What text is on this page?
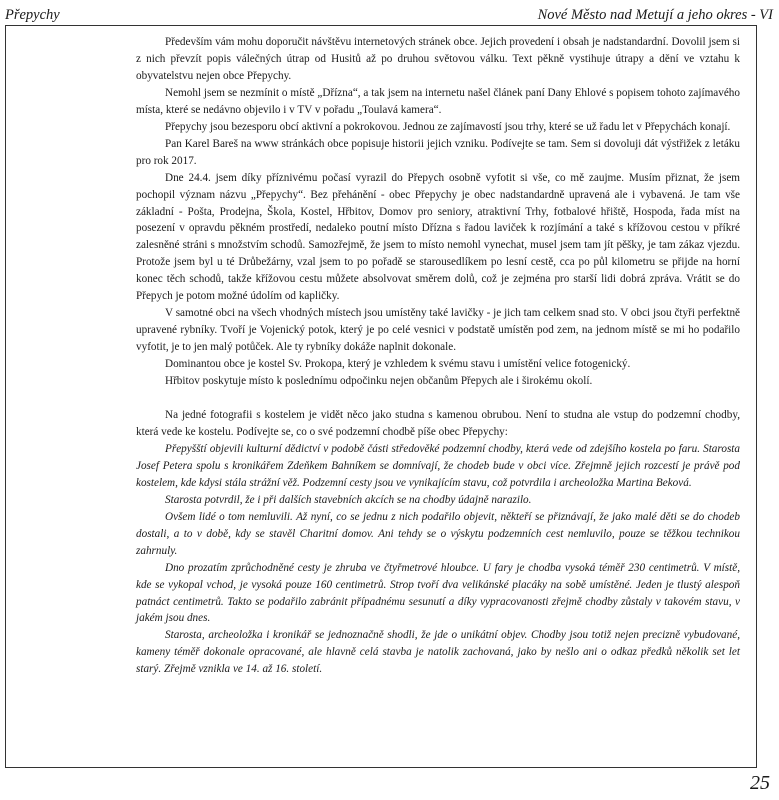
Přepychy	Nové Město nad Metují a jeho okres - VI

Především vám mohu doporučit návštěvu internetových stránek obce. Jejich provedení i obsah je nadstandardní. Dovolil jsem si z nich převzít popis válečných útrap od Husitů až po druhou světovou válku. Text pěkně vystihuje útrapy a dění ve vztahu k obyvatelstvu nejen obce Přepychy.

Nemohl jsem se nezmínit o místě „Dřízna“, a tak jsem na internetu našel článek paní Dany Ehlové s popisem tohoto zajímavého místa, které se nedávno objevilo i v TV v pořadu „Toulavá kamera“.

Přepychy jsou bezesporu obcí aktivní a pokrokovou. Jednou ze zajímavostí jsou trhy, které se už řadu let v Přepychách konají.

Pan Karel Bareš na www stránkách obce popisuje historii jejich vzniku. Podívejte se tam. Sem si dovoluji dát výstřižek z letáku pro rok 2017.

Dne 24.4. jsem díky příznivému počasí vyrazil do Přepych osobně vyfotit si vše, co mě zaujme. Musím přiznat, že jsem pochopil význam názvu „Přepychy“. Bez přehánění - obec Přepychy je obec nadstandardně upravená ale i vybavená. Je tam vše základní - Pošta, Prodejna, Škola, Kostel, Hřbitov, Domov pro seniory, atraktivní Trhy, fotbalové hřiště, Hospoda, řada míst na posezení v opravdu pěkném prostředí, nedaleko poutní místo Dřízna s řadou laviček k rozjímání a také s křížovou cestou v příkré zalesněné stráni s množstvím schodů. Samozřejmě, že jsem to místo nemohl vynechat, musel jsem tam jít pěšky, je tam zákaz vjezdu. Protože jsem byl u té Drůbežárny, vzal jsem to po pořadě se starousedlíkem po lesní cestě, cca po půl kilometru se přijde na horní konec těch schodů, takže křížovou cestu můžete absolvovat směrem dolů, což je zejména pro starší lidi dobrá zpráva. Vrátit se do Přepych je potom možné údolím od kapličky.

V samotné obci na všech vhodných místech jsou umístěny také lavičky - je jich tam celkem snad sto. V obci jsou čtyři perfektně upravené rybníky. Tvoří je Vojenický potok, který je po celé vesnici v podstatě umístěn pod zem, na jednom místě se mi ho podařilo vyfotit, je to jen malý potůček. Ale ty rybníky dokáže naplnit dokonale.

Dominantou obce je kostel Sv. Prokopa, který je vzhledem k svému stavu i umístění velice fotogenický.

Hřbitov poskytuje místo k poslednímu odpočinku nejen občanům Přepych ale i širokému okolí.

Na jedné fotografii s kostelem je vidět něco jako studna s kamenou obrubou. Není to studna ale vstup do podzemní chodby, která vede ke kostelu. Podívejte se, co o své podzemní chodbě píše obec Přepychy:

Přepyšští objevili kulturní dědictví v podobě části středověké podzemní chodby, která vede od zdejšího kostela po faru. Starosta Josef Petera spolu s kronikářem Zdeňkem Bahníkem se domnívají, že chodeb bude v obci více. Zřejmně jejich rozcestí je právě pod kostelem, kde kdysi stála strážní věž. Podzemní cesty jsou ve vynikajícím stavu, což potvrdila i archeoložka Martina Beková.

Starosta potvrdil, že i při dalších stavebních akcích se na chodby údajně narazilo.

Ovšem lidé o tom nemluvili. Až nyní, co se jednu z nich podařilo objevit, někteří se přiznávají, že jako malé děti se do chodeb dostali, a to v době, kdy se stavěl Charitní domov. Ani tehdy se o výskytu podzemních cest nemluvilo, pouze se těžkou technikou zahrnuly.

Dno prozatím zprůchodněné cesty je zhruba ve čtyřmetrové hloubce. U fary je chodba vysoká téměř 230 centimetrů. V místě, kde se vykopal vchod, je vysoká pouze 160 centimetrů. Strop tvoří dva velikánské placáky na sobě umístěné. Jeden je tlustý alespoň patnáct centimetrů. Takto se podařilo zabránit případnému sesunutí a díky vypracovanosti zřejmě chodby zůstaly v takovém stavu, v jakém jsou dnes.

Starosta, archeoložka i kronikář se jednoznačně shodli, že jde o unikátní objev. Chodby jsou totiž nejen precizně vybudované, kameny téměř dokonale opracované, ale hlavně celá stavba je natolik zachovaná, jako by nešlo ani o odkaz předků několik set let starý. Zřejmě vznikla ve 14. až 16. století.

25
